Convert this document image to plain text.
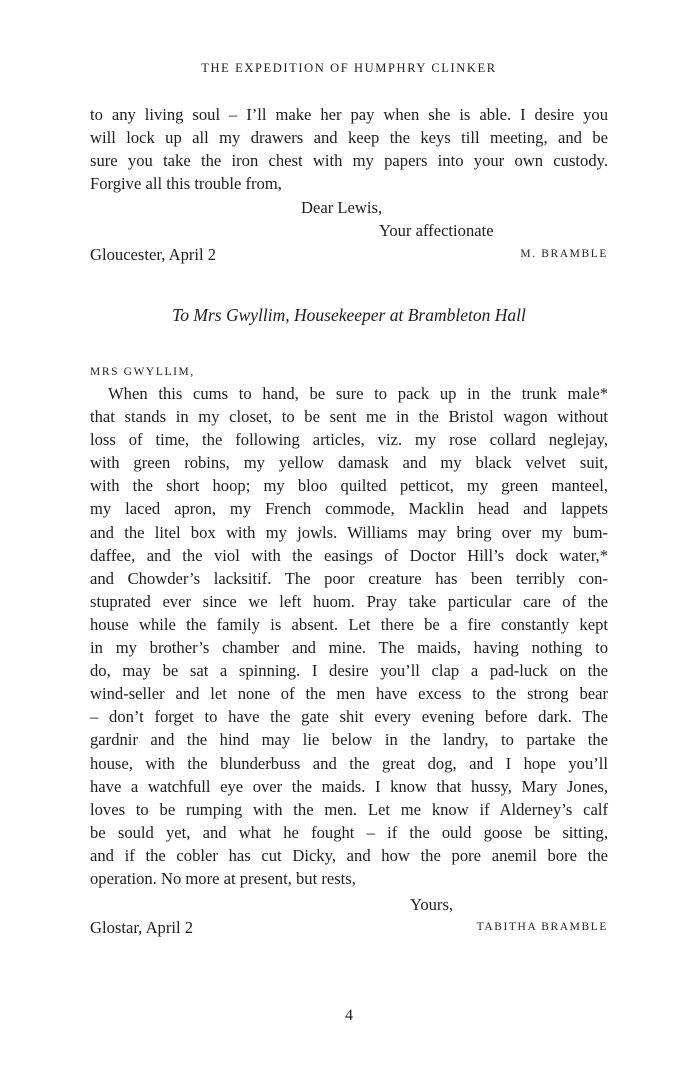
THE EXPEDITION OF HUMPHRY CLINKER
to any living soul – I’ll make her pay when she is able. I desire you
will lock up all my drawers and keep the keys till meeting, and be
sure you take the iron chest with my papers into your own custody.
Forgive all this trouble from,
Dear Lewis,
Your affectionate
Gloucester, April 2	M. BRAMBLE
To Mrs Gwyllim, Housekeeper at Brambleton Hall
MRS GWYLLIM,
When this cums to hand, be sure to pack up in the trunk male*
that stands in my closet, to be sent me in the Bristol wagon without
loss of time, the following articles, viz. my rose collard neglejay,
with green robins, my yellow damask and my black velvet suit,
with the short hoop; my bloo quilted petticot, my green manteel,
my laced apron, my French commode, Macklin head and lappets
and the litel box with my jowls. Williams may bring over my bum-
daffee, and the viol with the easings of Doctor Hill’s dock water,*
and Chowder’s lacksitif. The poor creature has been terribly con-
stuprated ever since we left huom. Pray take particular care of the
house while the family is absent. Let there be a fire constantly kept
in my brother’s chamber and mine. The maids, having nothing to
do, may be sat a spinning. I desire you’ll clap a pad-luck on the
wind-seller and let none of the men have excess to the strong bear
– don’t forget to have the gate shit every evening before dark. The
gardnir and the hind may lie below in the landry, to partake the
house, with the blunderbuss and the great dog, and I hope you’ll
have a watchfull eye over the maids. I know that hussy, Mary Jones,
loves to be rumping with the men. Let me know if Alderney’s calf
be sould yet, and what he fought – if the ould goose be sitting,
and if the cobler has cut Dicky, and how the pore anemil bore the
operation. No more at present, but rests,
Yours,
Glostar, April 2	TABITHA BRAMBLE
4
